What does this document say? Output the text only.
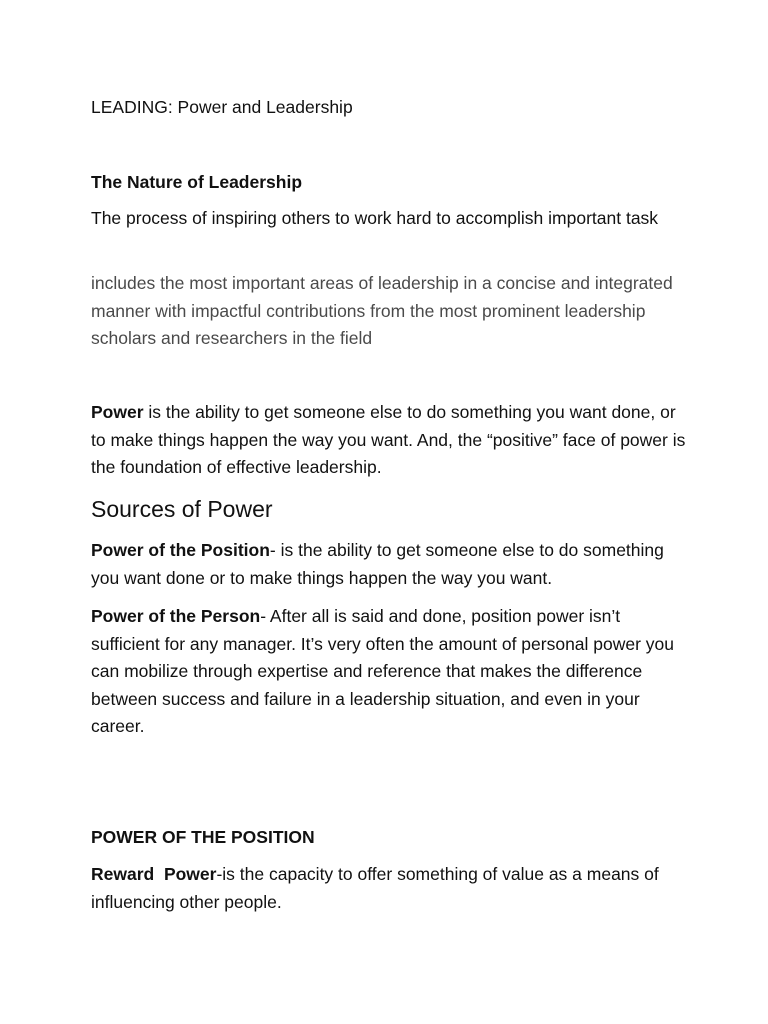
LEADING: Power and Leadership

The Nature of Leadership

The process of inspiring others to work hard to accomplish important task

includes the most important areas of leadership in a concise and integrated manner with impactful contributions from the most prominent leadership scholars and researchers in the field

Power is the ability to get someone else to do something you want done, or to make things happen the way you want. And, the “positive” face of power is the foundation of effective leadership.

Sources of Power

Power of the Position- is the ability to get someone else to do something you want done or to make things happen the way you want.

Power of the Person- After all is said and done, position power isn’t sufficient for any manager. It’s very often the amount of personal power you can mobilize through expertise and reference that makes the difference between success and failure in a leadership situation, and even in your career.

POWER OF THE POSITION

Reward  Power-is the capacity to offer something of value as a means of influencing other people.
